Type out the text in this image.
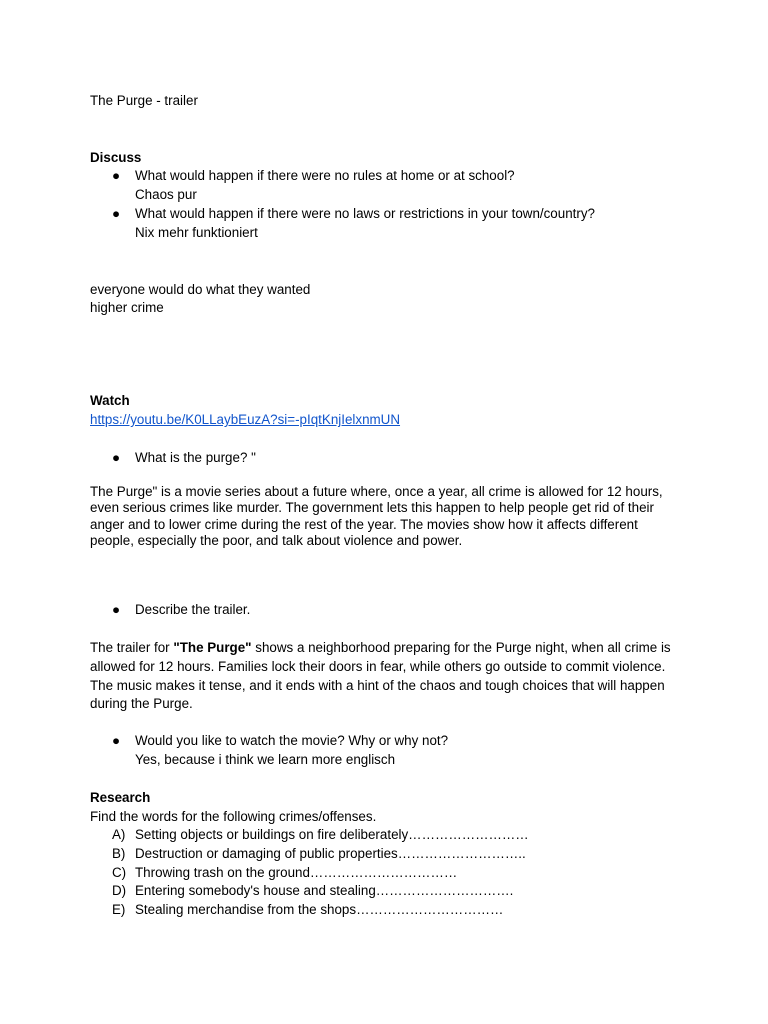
The Purge - trailer
Discuss
● What would happen if there were no rules at home or at school?
Chaos pur
● What would happen if there were no laws or restrictions in your town/country?
Nix mehr funktioniert
everyone would do what they wanted
higher crime
Watch
https://youtu.be/K0LLaybEuzA?si=-pIqtKnjIelxnmUN
● What is the purge? "
The Purge" is a movie series about a future where, once a year, all crime is allowed for 12 hours, even serious crimes like murder. The government lets this happen to help people get rid of their anger and to lower crime during the rest of the year. The movies show how it affects different people, especially the poor, and talk about violence and power.
● Describe the trailer.
The trailer for "The Purge" shows a neighborhood preparing for the Purge night, when all crime is allowed for 12 hours. Families lock their doors in fear, while others go outside to commit violence. The music makes it tense, and it ends with a hint of the chaos and tough choices that will happen during the Purge.
● Would you like to watch the movie? Why or why not?
Yes, because i think we learn more englisch
Research
Find the words for the following crimes/offenses.
A) Setting objects or buildings on fire deliberately………………………
B) Destruction or damaging of public properties………………………..
C) Throwing trash on the ground……………………………
D) Entering somebody's house and stealing………………………….
E) Stealing merchandise from the shops……………………………
